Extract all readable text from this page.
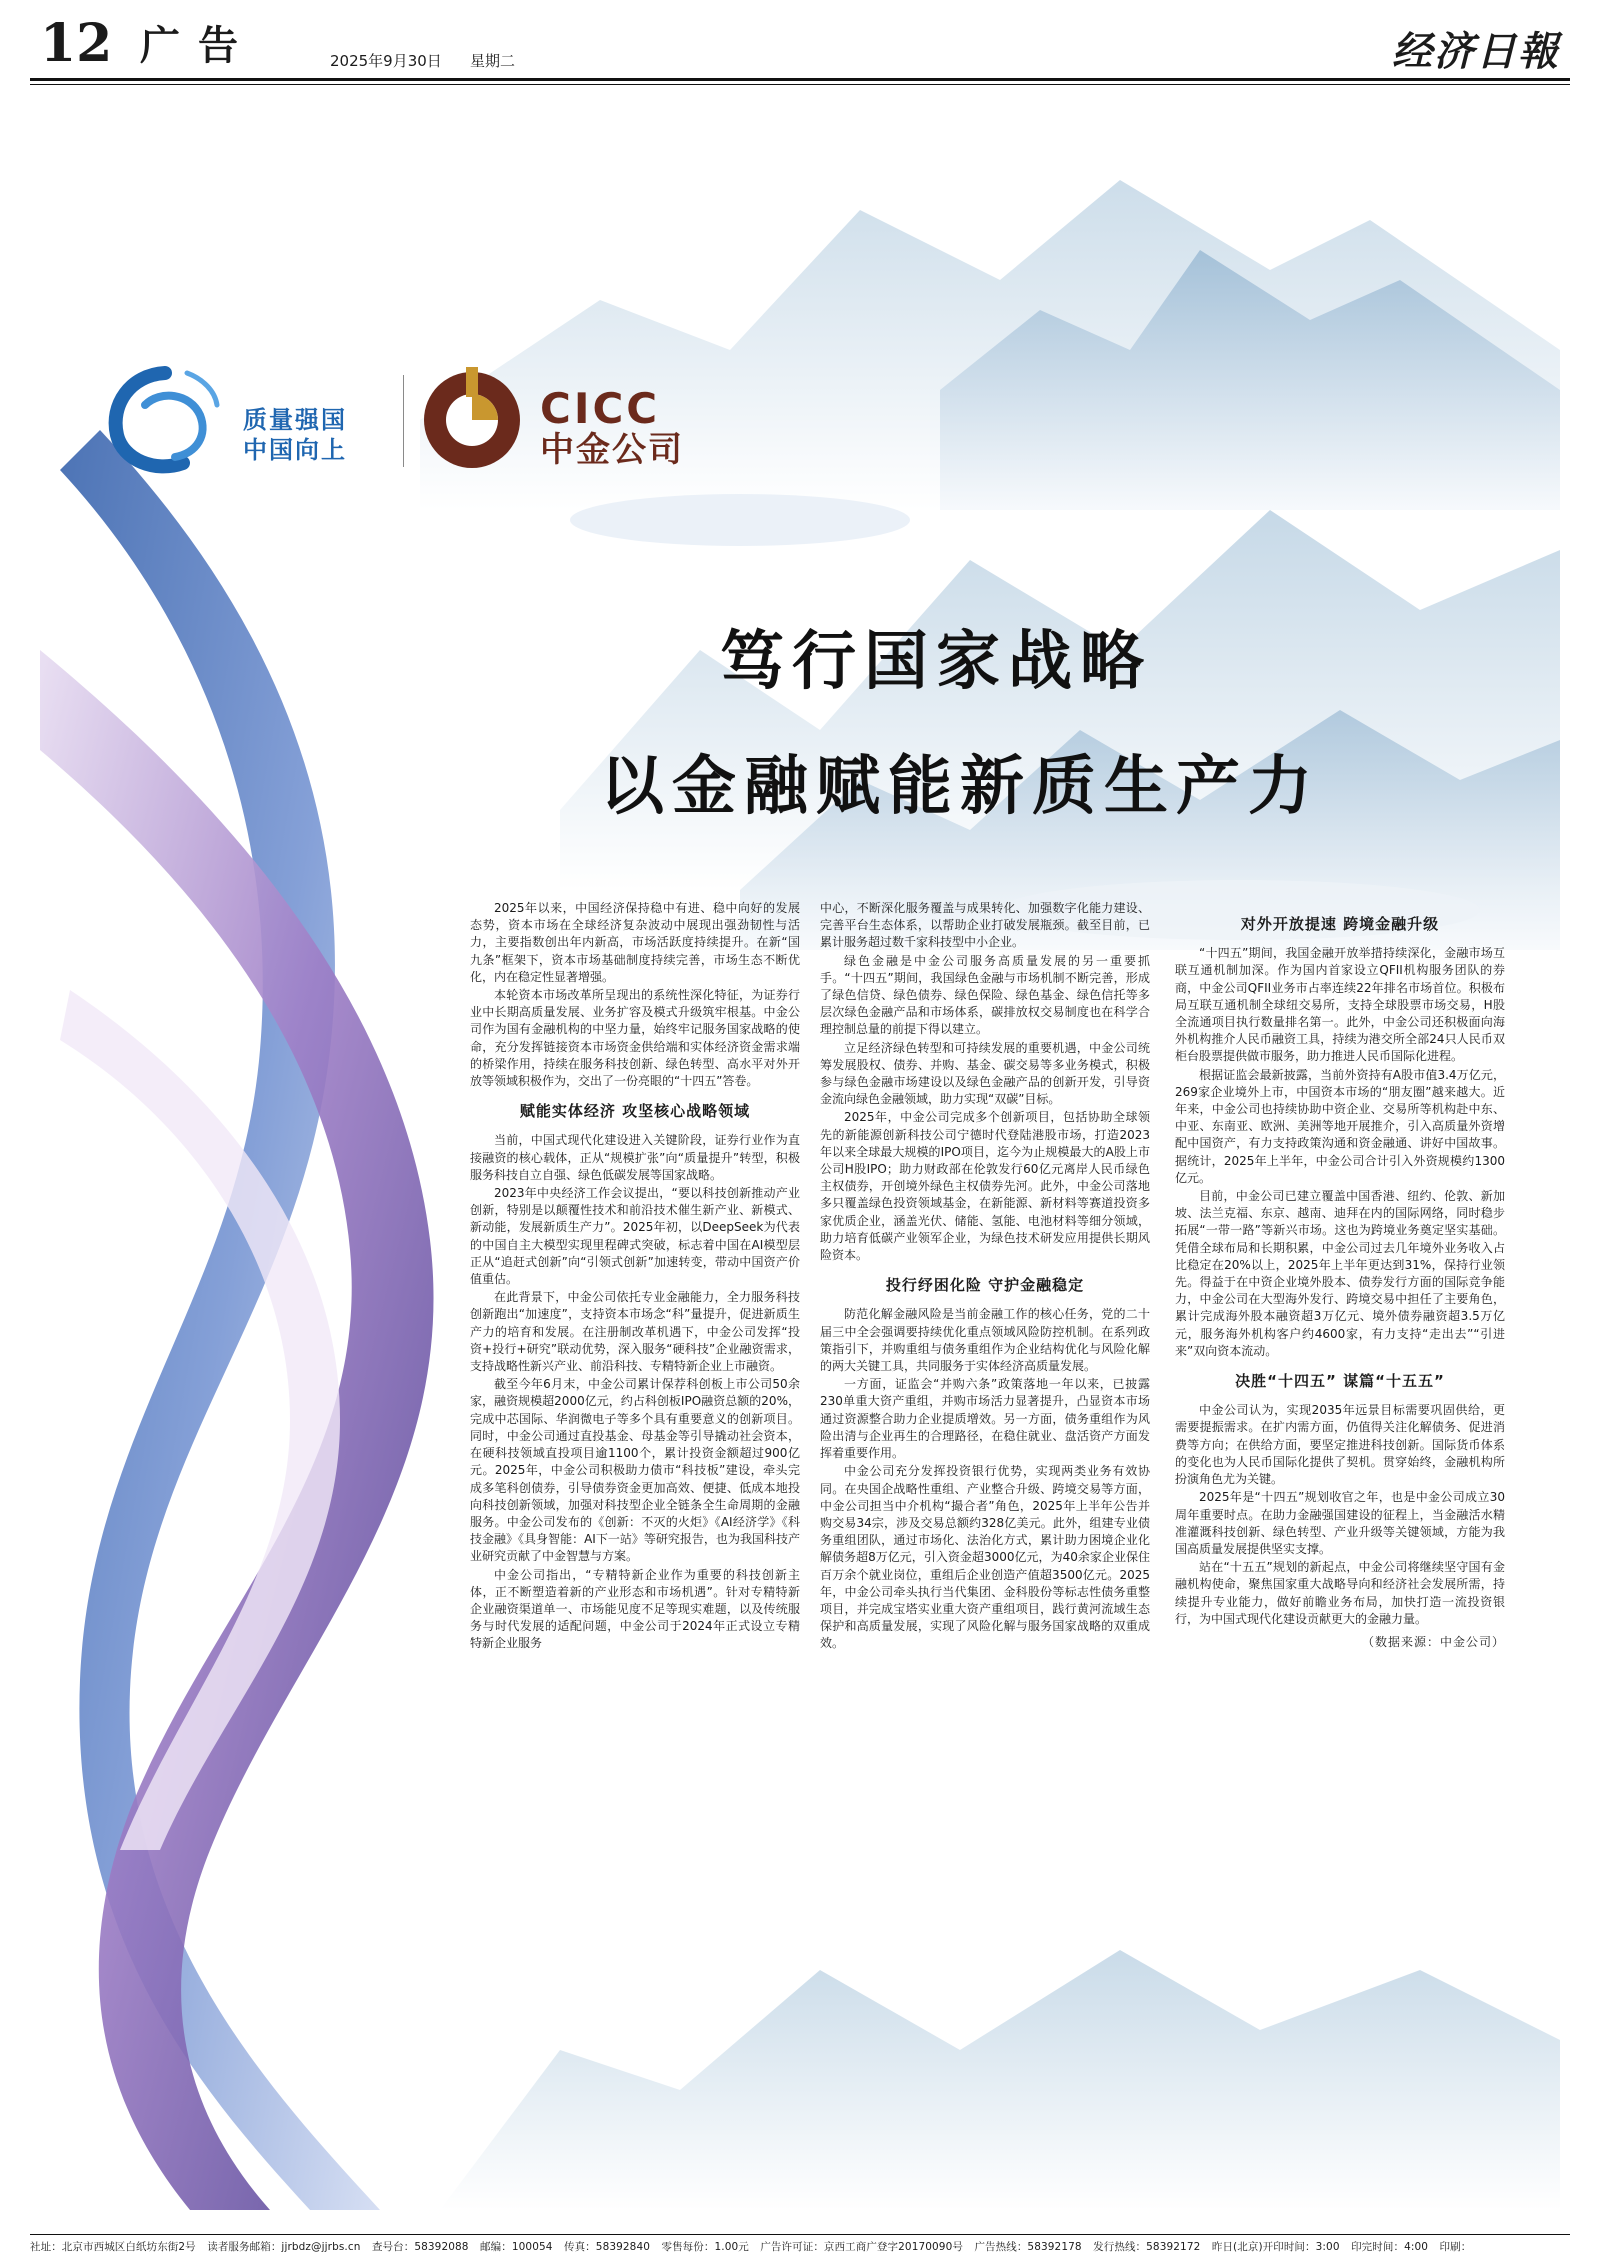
12 广告	2025年9月30日 星期二	经济日報
质量强国
中国向上
CICC
中金公司
笃行国家战略
以金融赋能新质生产力

2025年以来，中国经济保持稳中有进、稳中向好的发展态势，资本市场在全球经济复杂波动中展现出强劲韧性与活力，主要指数创出年内新高，市场活跃度持续提升。在新“国九条”框架下，资本市场基础制度持续完善，市场生态不断优化，内在稳定性显著增强。

本轮资本市场改革所呈现出的系统性深化特征，为证券行业中长期高质量发展、业务扩容及模式升级筑牢根基。中金公司作为国有金融机构的中坚力量，始终牢记服务国家战略的使命，充分发挥链接资本市场资金供给端和实体经济资金需求端的桥梁作用，持续在服务科技创新、绿色转型、高水平对外开放等领域积极作为，交出了一份亮眼的“十四五”答卷。

赋能实体经济 攻坚核心战略领域

当前，中国式现代化建设进入关键阶段，证券行业作为直接融资的核心载体，正从“规模扩张”向“质量提升”转型，积极服务科技自立自强、绿色低碳发展等国家战略。

2023年中央经济工作会议提出，“要以科技创新推动产业创新，特别是以颠覆性技术和前沿技术催生新产业、新模式、新动能，发展新质生产力”。2025年初，以DeepSeek为代表的中国自主大模型实现里程碑式突破，标志着中国在AI模型层正从“追赶式创新”向“引领式创新”加速转变，带动中国资产价值重估。

在此背景下，中金公司依托专业金融能力，全力服务科技创新跑出“加速度”，支持资本市场念“科”量提升，促进新质生产力的培育和发展。在注册制改革机遇下，中金公司发挥“投资+投行+研究”联动优势，深入服务“硬科技”企业融资需求，支持战略性新兴产业、前沿科技、专精特新企业上市融资。

截至今年6月末，中金公司累计保荐科创板上市公司50余家，融资规模超2000亿元，约占科创板IPO融资总额的20%，完成中芯国际、华润微电子等多个具有重要意义的创新项目。同时，中金公司通过直投基金、母基金等引导撬动社会资本，在硬科技领域直投项目逾1100个，累计投资金额超过900亿元。2025年，中金公司积极助力债市“科技板”建设，牵头完成多笔科创债券，引导债券资金更加高效、便捷、低成本地投向科技创新领域，加强对科技型企业全链条全生命周期的金融服务。中金公司发布的《创新：不灭的火炬》《AI经济学》《科技金融》《具身智能：AI下一站》等研究报告，也为我国科技产业研究贡献了中金智慧与方案。

中金公司指出，“专精特新企业作为重要的科技创新主体，正不断塑造着新的产业形态和市场机遇”。针对专精特新企业融资渠道单一、市场能见度不足等现实难题，以及传统服务与时代发展的适配问题，中金公司于2024年正式设立专精特新企业服务

中心，不断深化服务覆盖与成果转化、加强数字化能力建设、完善平台生态体系，以帮助企业打破发展瓶颈。截至目前，已累计服务超过数千家科技型中小企业。

绿色金融是中金公司服务高质量发展的另一重要抓手。“十四五”期间，我国绿色金融与市场机制不断完善，形成了绿色信贷、绿色债券、绿色保险、绿色基金、绿色信托等多层次绿色金融产品和市场体系，碳排放权交易制度也在科学合理控制总量的前提下得以建立。

立足经济绿色转型和可持续发展的重要机遇，中金公司统筹发展股权、债券、并购、基金、碳交易等多业务模式，积极参与绿色金融市场建设以及绿色金融产品的创新开发，引导资金流向绿色金融领域，助力实现“双碳”目标。

2025年，中金公司完成多个创新项目，包括协助全球领先的新能源创新科技公司宁德时代登陆港股市场，打造2023年以来全球最大规模的IPO项目，迄今为止规模最大的A股上市公司H股IPO；助力财政部在伦敦发行60亿元离岸人民币绿色主权债券，开创境外绿色主权债券先河。此外，中金公司落地多只覆盖绿色投资领域基金，在新能源、新材料等赛道投资多家优质企业，涵盖光伏、储能、氢能、电池材料等细分领域，助力培育低碳产业领军企业，为绿色技术研发应用提供长期风险资本。

投行纾困化险 守护金融稳定

防范化解金融风险是当前金融工作的核心任务，党的二十届三中全会强调要持续优化重点领域风险防控机制。在系列政策指引下，并购重组与债务重组作为企业结构优化与风险化解的两大关键工具，共同服务于实体经济高质量发展。

一方面，证监会“并购六条”政策落地一年以来，已披露230单重大资产重组，并购市场活力显著提升，凸显资本市场通过资源整合助力企业提质增效。另一方面，债务重组作为风险出清与企业再生的合理路径，在稳住就业、盘活资产方面发挥着重要作用。

中金公司充分发挥投资银行优势，实现两类业务有效协同。在央国企战略性重组、产业整合升级、跨境交易等方面，中金公司担当中介机构“撮合者”角色，2025年上半年公告并购交易34宗，涉及交易总额约328亿美元。此外，组建专业债务重组团队，通过市场化、法治化方式，累计助力困境企业化解债务超8万亿元，引入资金超3000亿元，为40余家企业保住百万余个就业岗位，重组后企业创造产值超3500亿元。2025年，中金公司牵头执行当代集团、金科股份等标志性债务重整项目，并完成宝塔实业重大资产重组项目，践行黄河流域生态保护和高质量发展，实现了风险化解与服务国家战略的双重成效。

对外开放提速 跨境金融升级

“十四五”期间，我国金融开放举措持续深化，金融市场互联互通机制加深。作为国内首家设立QFII机构服务团队的券商，中金公司QFII业务市占率连续22年排名市场首位。积极布局互联互通机制全球纽交易所，支持全球股票市场交易，H股全流通项目执行数量排名第一。此外，中金公司还积极面向海外机构推介人民币融资工具，持续为港交所全部24只人民币双柜台股票提供做市服务，助力推进人民币国际化进程。

根据证监会最新披露，当前外资持有A股市值3.4万亿元，269家企业境外上市，中国资本市场的“朋友圈”越来越大。近年来，中金公司也持续协助中资企业、交易所等机构赴中东、中亚、东南亚、欧洲、美洲等地开展推介，引入高质量外资增配中国资产，有力支持政策沟通和资金融通、讲好中国故事。据统计，2025年上半年，中金公司合计引入外资规模约1300亿元。

目前，中金公司已建立覆盖中国香港、纽约、伦敦、新加坡、法兰克福、东京、越南、迪拜在内的国际网络，同时稳步拓展“一带一路”等新兴市场。这也为跨境业务奠定坚实基础。凭借全球布局和长期积累，中金公司过去几年境外业务收入占比稳定在20%以上，2025年上半年更达到31%，保持行业领先。得益于在中资企业境外股本、债券发行方面的国际竞争能力，中金公司在大型海外发行、跨境交易中担任了主要角色，累计完成海外股本融资超3万亿元、境外债券融资超3.5万亿元，服务海外机构客户约4600家，有力支持“走出去”“引进来”双向资本流动。

决胜“十四五” 谋篇“十五五”

中金公司认为，实现2035年远景目标需要巩固供给，更需要提振需求。在扩内需方面，仍值得关注化解债务、促进消费等方向；在供给方面，要坚定推进科技创新。国际货币体系的变化也为人民币国际化提供了契机。贯穿始终，金融机构所扮演角色尤为关键。

2025年是“十四五”规划收官之年，也是中金公司成立30周年重要时点。在助力金融强国建设的征程上，当金融活水精准灌溉科技创新、绿色转型、产业升级等关键领域，方能为我国高质量发展提供坚实支撑。

站在“十五五”规划的新起点，中金公司将继续坚守国有金融机构使命，聚焦国家重大战略导向和经济社会发展所需，持续提升专业能力，做好前瞻业务布局，加快打造一流投资银行，为中国式现代化建设贡献更大的金融力量。

（数据来源：中金公司）
社址：北京市西城区白纸坊东街2号 读者服务邮箱：jjrbdz@jjrbs.cn 查号台：58392088 邮编：100054 传真：58392840 零售每份：1.00元 广告许可证：京西工商广登字20170090号 广告热线：58392178 发行热线：58392172 昨日(北京)开印时间：3:00 印完时间：4:00 印刷：
